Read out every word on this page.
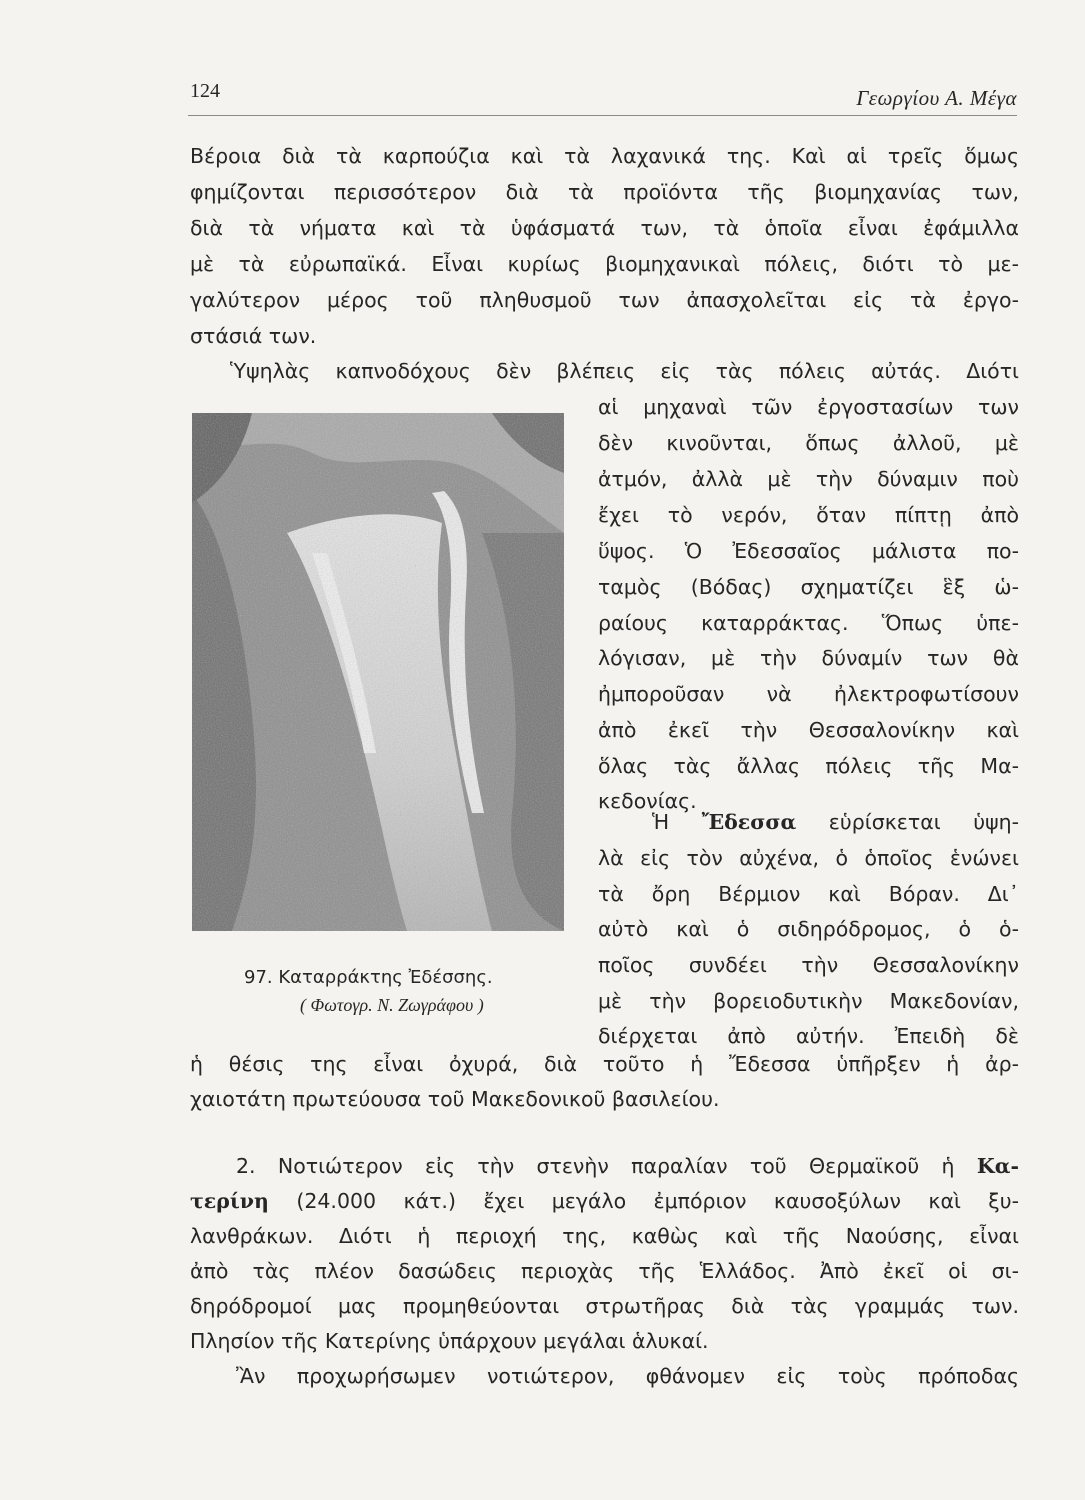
124	Γεωργίου Α. Μέγα
Βέροια διὰ τὰ καρπούζια καὶ τὰ λαχανικά της. Καὶ αἱ τρεῖς ὅμως
φημίζονται περισσότερον διὰ τὰ προϊόντα τῆς βιομηχανίας των,
διὰ τὰ νήματα καὶ τὰ ὑφάσματά των, τὰ ὁποῖα εἶναι ἐφάμιλλα
μὲ τὰ εὐρωπαϊκά. Εἶναι κυρίως βιομηχανικαὶ πόλεις, διότι τὸ με-
γαλύτερον μέρος τοῦ πληθυσμοῦ των ἀπασχολεῖται εἰς τὰ ἐργο-
στάσιά των.
Ὑψηλὰς καπνοδόχους δὲν βλέπεις εἰς τὰς πόλεις αὐτάς. Διότι
αἱ μηχαναὶ τῶν ἐργοστασίων των
δὲν κινοῦνται, ὅπως ἀλλοῦ, μὲ
ἀτμόν, ἀλλὰ μὲ τὴν δύναμιν ποὺ
ἔχει τὸ νερόν, ὅταν πίπτῃ ἀπὸ
ὕψος. Ὁ Ἐδεσσαῖος μάλιστα πο-
ταμὸς (Βόδας) σχηματίζει ἓξ ὡ-
ραίους καταρράκτας. Ὅπως ὑπε-
λόγισαν, μὲ τὴν δύναμίν των θὰ
ἠμποροῦσαν νὰ ἠλεκτροφωτίσουν
ἀπὸ ἐκεῖ τὴν Θεσσαλονίκην καὶ
ὅλας τὰς ἄλλας πόλεις τῆς Μα-
κεδονίας.
Ἡ Ἔδεσσα εὑρίσκεται ὑψη-
λὰ εἰς τὸν αὐχένα, ὁ ὁποῖος ἑνώνει
τὰ ὄρη Βέρμιον καὶ Βόραν. Δι᾽
αὐτὸ καὶ ὁ σιδηρόδρομος, ὁ ὁ-
ποῖος συνδέει τὴν Θεσσαλονίκην
μὲ τὴν βορειοδυτικὴν Μακεδονίαν,
διέρχεται ἀπὸ αὐτήν. Ἐπειδὴ δὲ
ἡ θέσις της εἶναι ὀχυρά, διὰ τοῦτο ἡ Ἔδεσσα ὑπῆρξεν ἡ ἀρ-
χαιοτάτη πρωτεύουσα τοῦ Μακεδονικοῦ βασιλείου.
2. Νοτιώτερον εἰς τὴν στενὴν παραλίαν τοῦ Θερμαϊκοῦ ἡ Κα-
τερίνη (24.000 κάτ.) ἔχει μεγάλο ἐμπόριον καυσοξύλων καὶ ξυ-
λανθράκων. Διότι ἡ περιοχή της, καθὼς καὶ τῆς Ναούσης, εἶναι
ἀπὸ τὰς πλέον δασώδεις περιοχὰς τῆς Ἑλλάδος. Ἀπὸ ἐκεῖ οἱ σι-
δηρόδρομοί μας προμηθεύονται στρωτῆρας διὰ τὰς γραμμάς των.
Πλησίον τῆς Κατερίνης ὑπάρχουν μεγάλαι ἁλυκαί.
Ἂν προχωρήσωμεν νοτιώτερον, φθάνομεν εἰς τοὺς πρόποδας
97. Καταρράκτης Ἐδέσσης.
( Φωτογρ. Ν. Ζωγράφου )
